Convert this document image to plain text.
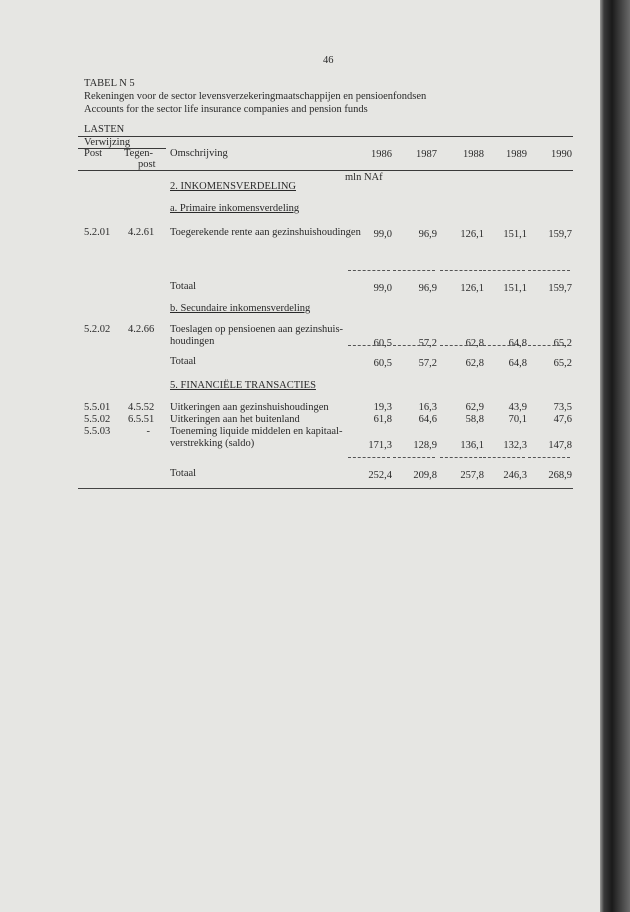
46
TABEL N 5
Rekeningen voor de sector levensverzekeringmaatschappijen en pensioenfondsen
Accounts for the sector life insurance companies and pension funds
LASTEN
Verwijzing
Post Tegen-
post
Omschrijving
mln NAf
1986	1987	1988	1989	1990
2. INKOMENSVERDELING
a. Primaire inkomensverdeling
5.2.01 4.2.61 Toegerekende rente aan gezinshuishoudingen	99,0	96,9	126,1	151,1	159,7
Totaal	99,0	96,9	126,1	151,1	159,7
b. Secundaire inkomensverdeling
5.2.02 4.2.66 Toeslagen op pensioenen aan gezinshuis-
houdingen	60,5	57,2	62,8	64,8	65,2
Totaal	60,5	57,2	62,8	64,8	65,2
5. FINANCIËLE TRANSACTIES
5.5.01 4.5.52 Uitkeringen aan gezinshuishoudingen	19,3	16,3	62,9	43,9	73,5
5.5.02 6.5.51 Uitkeringen aan het buitenland	61,8	64,6	58,8	70,1	47,6
5.5.03	- Toeneming liquide middelen en kapitaal-
verstrekking (saldo)	171,3	128,9	136,1	132,3	147,8
Totaal	252,4	209,8	257,8	246,3	268,9
